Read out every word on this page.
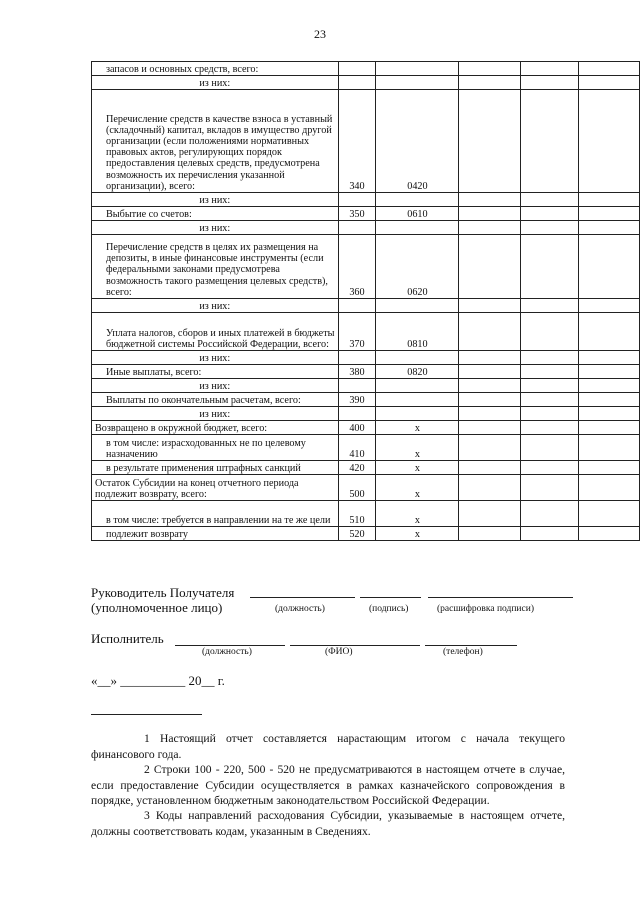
23
запасов и основных средств, всего:					
из них:					
Перечисление средств в качестве взноса в уставный (складочный) капитал, вкладов в имущество другой организации (если положениями нормативных правовых актов, регулирующих порядок предоставления целевых средств, предусмотрена возможность их перечисления указанной организации), всего:	340	0420			
из них:					
Выбытие со счетов:	350	0610			
из них:					
Перечисление средств в целях их размещения на депозиты, в иные финансовые инструменты (если федеральными законами предусмотрева возможность такого размещения целевых средств), всего:	360	0620			
из них:					
Уплата налогов, сборов и иных платежей в бюджеты бюджетной системы Российской Федерации, всего:	370	0810			
из них:					
Иные выплаты, всего:	380	0820			
из них:					
Выплаты по окончательным расчетам, всего:	390				
из них:					
Возвращено в окружной бюджет, всего:	400	x			
в том числе: израсходованных не по целевому назначению	410	x			
в результате применения штрафных санкций	420	x			
Остаток Субсидии на конец отчетного периода подлежит возврату, всего:	500	x			
в том числе: требуется в направлении на те же цели	510	x			
подлежит возврату	520	x			
Руководитель Получателя
(уполномоченное лицо)	(должность)	(подпись)	(расшифровка подписи)
Исполнитель
(должность)	(ФИО)	(телефон)
«__» __________ 20__ г.

1 Настоящий отчет составляется нарастающим итогом с начала текущего финансового года.

2 Строки 100 - 220, 500 - 520 не предусматриваются в настоящем отчете в случае, если предоставление Субсидии осуществляется в рамках казначейского сопровождения в порядке, установленном бюджетным законодательством Российской Федерации.

3 Коды направлений расходования Субсидии, указываемые в настоящем отчете, должны соответствовать кодам, указанным в Сведениях.
